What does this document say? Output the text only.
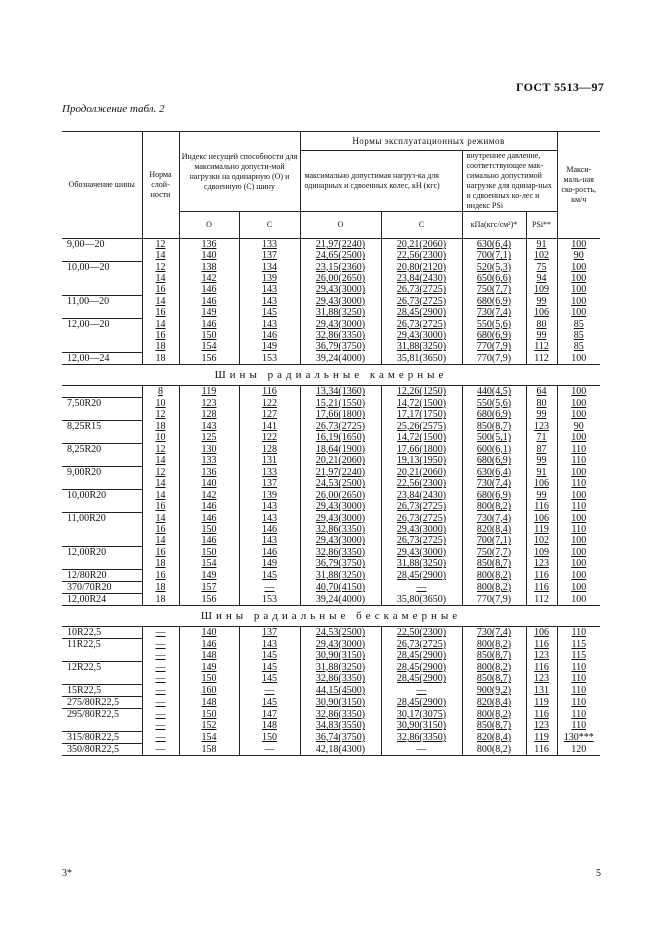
ГОСТ 5513—97
Продолжение табл. 2
Обозначение шины	Норма слой-ности	Индекс несущей способности для максимально допусти-мой нагрузки на одинарную (О) и сдвоенную (С) шину		Нормы эксплуатационных режимов				Макси-маль-ная ско-рость, км/ч
				максимально допустимая нагруз-ка для одинарных и сдвоенных колес, кН (кгс)		внутреннее давление, соответствующее мак-симально допустимой нагрузке для одинар-ных и сдвоенных ко-лес и индекс PSi		
		О	С	О	С	кПа(кгс/см²)*	PSi**	
9,00—20	12	136	133	21,97(2240)	20,21(2060)	630(6,4)	91	100
	14	140	137	24,65(2500)	22,56(2300)	700(7,1)	102	90
10,00—20	12	138	134	23,15(2360)	20,80(2120)	520(5,3)	75	100
	14	142	139	26,00(2650)	23,84(2430)	650(6,6)	94	100
	16	146	143	29,43(3000)	26,73(2725)	750(7,7)	109	100
11,00—20	14	146	143	29,43(3000)	26,73(2725)	680(6,9)	99	100
	16	149	145	31,88(3250)	28,45(2900)	730(7,4)	106	100
12,00—20	14	146	143	29,43(3000)	26,73(2725)	550(5,6)	80	85
	16	150	146	32,86(3350)	29,43(3000)	680(6,9)	99	85
	18	154	149	36,79(3750)	31,88(3250)	770(7,9)	112	85
12,00—24	18	156	153	39,24(4000)	35,81(3650)	770(7,9)	112	100
Шины радиальные камерные								
	8	119	116	13,34(1360)	12,26(1250)	440(4,5)	64	100
7,50R20	10	123	122	15,21(1550)	14,72(1500)	550(5,6)	80	100
	12	128	127	17,66(1800)	17,17(1750)	680(6,9)	99	100
8,25R15	18	143	141	26,73(2725)	25,26(2575)	850(8,7)	123	90
	10	125	122	16,19(1650)	14,72(1500)	500(5,1)	71	100
8,25R20	12	130	128	18,64(1900)	17,66(1800)	600(6,1)	87	110
	14	133	131	20,21(2060)	19,13(1950)	680(6,9)	99	110
9,00R20	12	136	133	21,97(2240)	20,21(2060)	630(6,4)	91	100
	14	140	137	24,53(2500)	22,56(2300)	730(7,4)	106	110
10,00R20	14	142	139	26,00(2650)	23,84(2430)	680(6,9)	99	100
	16	146	143	29,43(3000)	26,73(2725)	800(8,2)	116	110
11,00R20	14	146	143	29,43(3000)	26,73(2725)	730(7,4)	106	100
	16	150	146	32,86(3350)	29,43(3000)	820(8,4)	119	110
	14	146	143	29,43(3000)	26,73(2725)	700(7,1)	102	100
12,00R20	16	150	146	32,86(3350)	29,43(3000)	750(7,7)	109	100
	18	154	149	36,79(3750)	31,88(3250)	850(8,7)	123	100
12/80R20	16	149	145	31,88(3250)	28,45(2900)	800(8,2)	116	100
370/70R20	18	157	—	40,70(4150)	—	800(8,2)	116	100
12,00R24	18	156	153	39,24(4000)	35,80(3650)	770(7,9)	112	100
Шины радиальные бескамерные								
10R22,5	—	140	137	24,53(2500)	22,50(2300)	730(7,4)	106	110
11R22,5	—	146	143	29,43(3000)	26,73(2725)	800(8,2)	116	115
	—	148	145	30,90(3150)	28,45(2900)	850(8,7)	123	115
12R22,5	—	149	145	31,88(3250)	28,45(2900)	800(8,2)	116	110
	—	150	145	32,86(3350)	28,45(2900)	850(8,7)	123	110
15R22,5	—	160	—	44,15(4500)	—	900(9,2)	131	110
275/80R22,5	—	148	145	30,90(3150)	28,45(2900)	820(8,4)	119	110
295/80R22,5	—	150	147	32,86(3350)	30,17(3075)	800(8,2)	116	110
	—	152	148	34,83(3550)	30,90(3150)	850(8,7)	123	110
315/80R22,5	—	154	150	36,74(3750)	32,86(3350)	820(8,4)	119	130***
350/80R22,5	—	158	—	42,18(4300)	—	800(8,2)	116	120
3*	5
